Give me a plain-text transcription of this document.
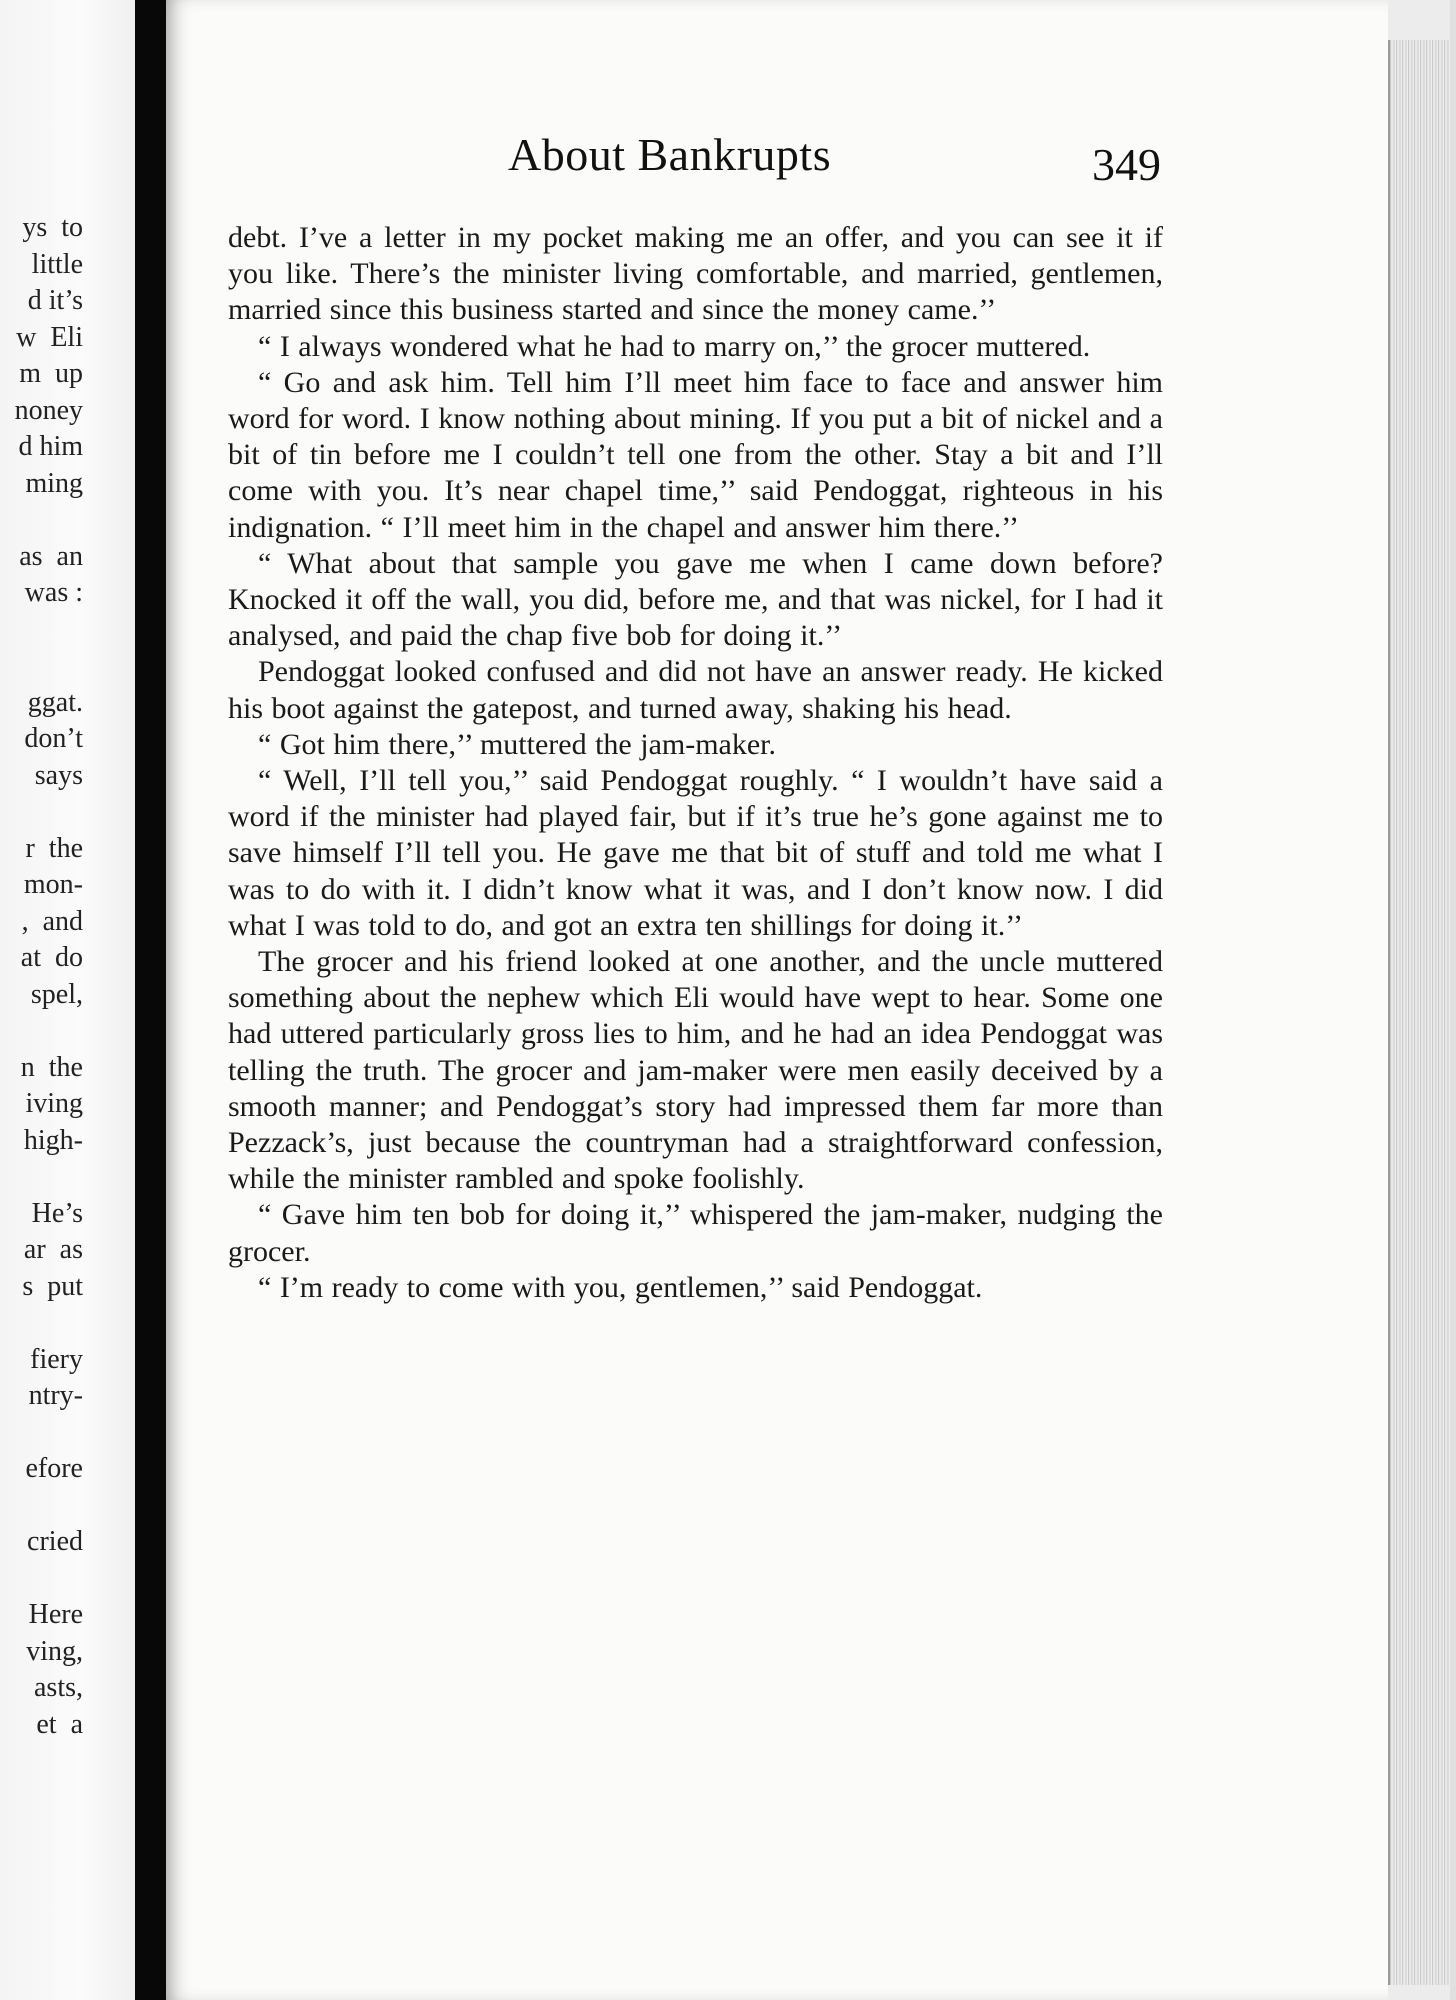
ys  to
little
d it’s
w  Eli
m  up
noney
d him
ming

as  an
was :

ggat.
don’t
says

r  the
mon-
,  and
at  do
spel,

n  the
iving
high-

He’s
ar  as
s  put

fiery
ntry-

efore

cried

Here
ving,
asts,
et  a
About Bankrupts	349

debt. I’ve a letter in my pocket making me an offer, and you can see it if you like. There’s the minister living comfortable, and married, gentlemen, married since this business started and since the money came.’’

“ I always wondered what he had to marry on,’’ the grocer muttered.

“ Go and ask him. Tell him I’ll meet him face to face and answer him word for word. I know nothing about mining. If you put a bit of nickel and a bit of tin before me I couldn’t tell one from the other. Stay a bit and I’ll come with you. It’s near chapel time,’’ said Pendoggat, righteous in his indignation. “ I’ll meet him in the chapel and answer him there.’’

“ What about that sample you gave me when I came down before? Knocked it off the wall, you did, before me, and that was nickel, for I had it analysed, and paid the chap five bob for doing it.’’

Pendoggat looked confused and did not have an answer ready. He kicked his boot against the gatepost, and turned away, shaking his head.

“ Got him there,’’ muttered the jam-maker.

“ Well, I’ll tell you,’’ said Pendoggat roughly. “ I wouldn’t have said a word if the minister had played fair, but if it’s true he’s gone against me to save himself I’ll tell you. He gave me that bit of stuff and told me what I was to do with it. I didn’t know what it was, and I don’t know now. I did what I was told to do, and got an extra ten shillings for doing it.’’

The grocer and his friend looked at one another, and the uncle muttered something about the nephew which Eli would have wept to hear. Some one had uttered particularly gross lies to him, and he had an idea Pendoggat was telling the truth. The grocer and jam-maker were men easily deceived by a smooth manner; and Pendoggat’s story had impressed them far more than Pezzack’s, just because the countryman had a straightforward confession, while the minister rambled and spoke foolishly.

“ Gave him ten bob for doing it,’’ whispered the jam-maker, nudging the grocer.

“ I’m ready to come with you, gentlemen,’’ said Pendoggat.
